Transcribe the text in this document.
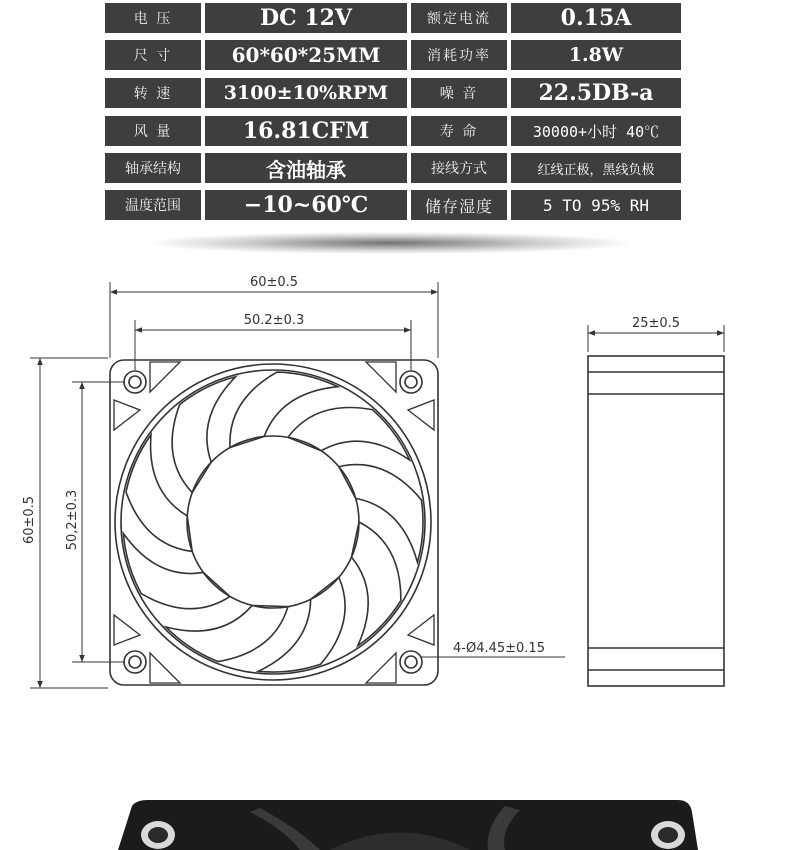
电 压	DC 12V	额定电流	0.15A
尺 寸	60*60*25MM	消耗功率	1.8W
转 速	3100±10%RPM	噪 音	22.5DB-a
风 量	16.81CFM	寿 命	30000+小时 40℃
轴承结构	含油轴承	接线方式	红线正极，黑线负极
温度范围	−10~60℃	储存湿度	5 TO 95% RH
60±0.5
50.2±0.3
60±0.5 50,2±0.3
4-Ø4.45±0.15
25±0.5
